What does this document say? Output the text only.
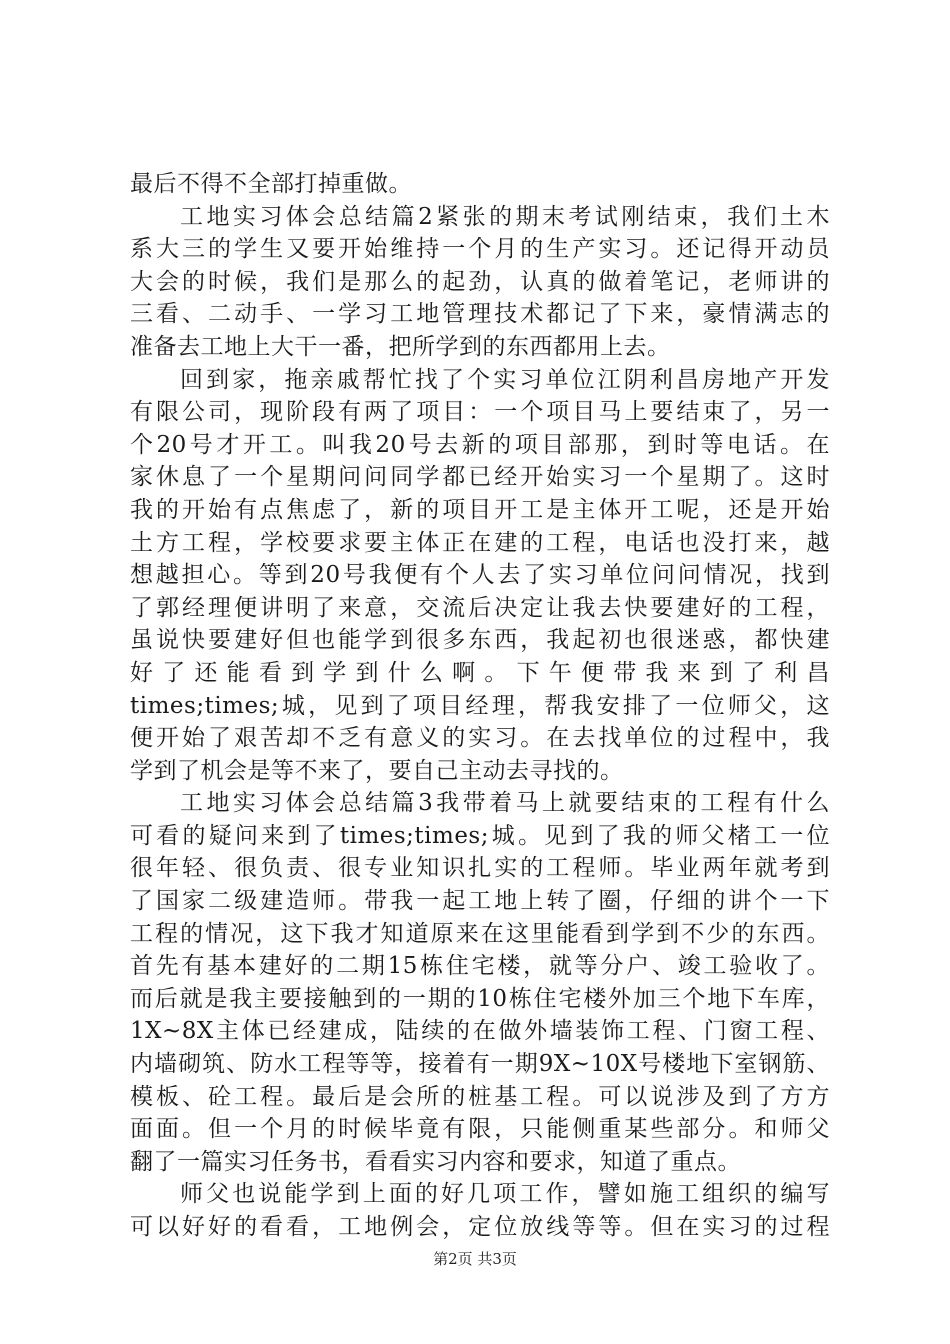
最后不得不全部打掉重做。
工地实习体会总结篇2紧张的期末考试刚结束，我们土木
系大三的学生又要开始维持一个月的生产实习。还记得开动员
大会的时候，我们是那么的起劲，认真的做着笔记，老师讲的
三看、二动手、一学习工地管理技术都记了下来，豪情满志的
准备去工地上大干一番，把所学到的东西都用上去。
回到家，拖亲戚帮忙找了个实习单位江阴利昌房地产开发
有限公司，现阶段有两了项目：一个项目马上要结束了，另一
个20号才开工。叫我20号去新的项目部那，到时等电话。在
家休息了一个星期问问同学都已经开始实习一个星期了。这时
我的开始有点焦虑了，新的项目开工是主体开工呢，还是开始
土方工程，学校要求要主体正在建的工程，电话也没打来，越
想越担心。等到20号我便有个人去了实习单位问问情况，找到
了郭经理便讲明了来意，交流后决定让我去快要建好的工程，
虽说快要建好但也能学到很多东西，我起初也很迷惑，都快建
好了还能看到学到什么啊。下午便带我来到了利昌
times;times;城，见到了项目经理，帮我安排了一位师父，这
便开始了艰苦却不乏有意义的实习。在去找单位的过程中，我
学到了机会是等不来了，要自己主动去寻找的。
工地实习体会总结篇3我带着马上就要结束的工程有什么
可看的疑问来到了times;times;城。见到了我的师父楮工一位
很年轻、很负责、很专业知识扎实的工程师。毕业两年就考到
了国家二级建造师。带我一起工地上转了圈，仔细的讲个一下
工程的情况，这下我才知道原来在这里能看到学到不少的东西。
首先有基本建好的二期15栋住宅楼，就等分户、竣工验收了。
而后就是我主要接触到的一期的10栋住宅楼外加三个地下车库，
1X~8X主体已经建成，陆续的在做外墙装饰工程、门窗工程、
内墙砌筑、防水工程等等，接着有一期9X~10X号楼地下室钢筋、
模板、砼工程。最后是会所的桩基工程。可以说涉及到了方方
面面。但一个月的时候毕竟有限，只能侧重某些部分。和师父
翻了一篇实习任务书，看看实习内容和要求，知道了重点。
师父也说能学到上面的好几项工作，譬如施工组织的编写
可以好好的看看，工地例会，定位放线等等。但在实习的过程
第2页 共3页
